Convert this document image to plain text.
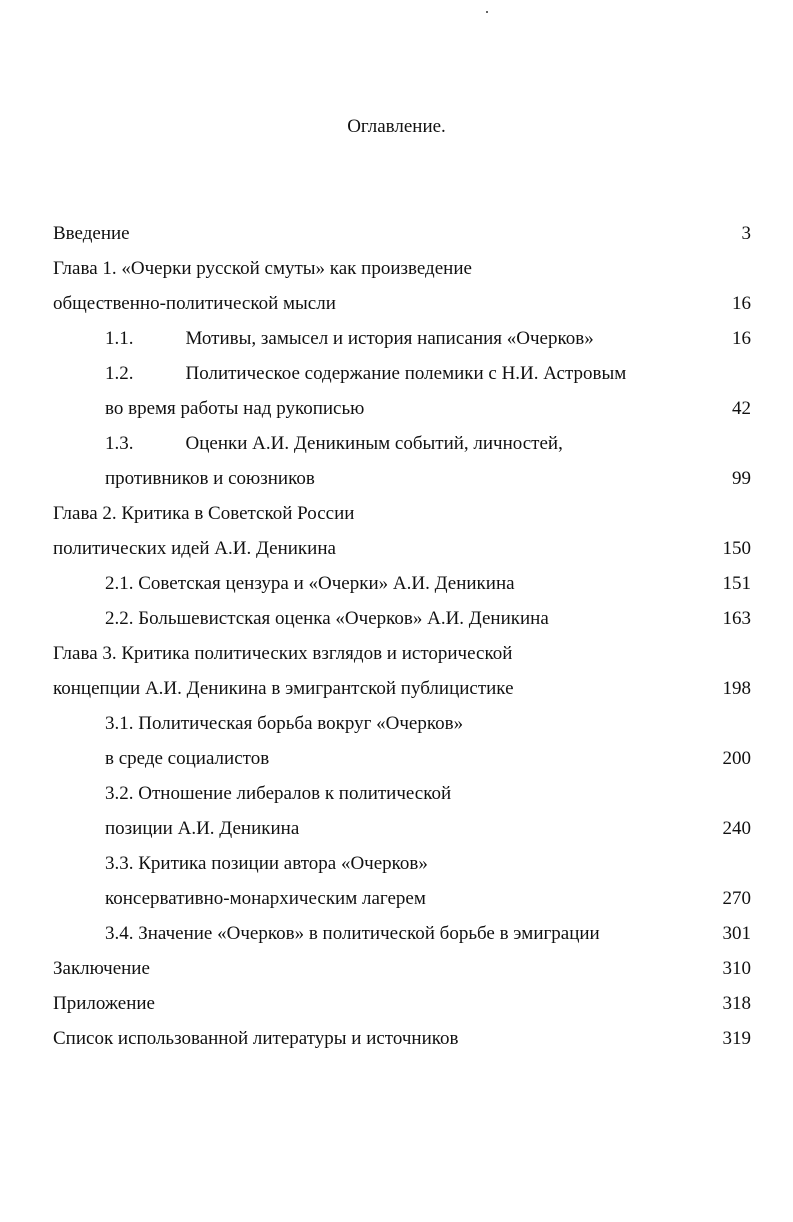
Оглавление.
Введение	3
Глава 1. «Очерки русской смуты» как произведение
общественно-политической мысли	16
1.1.	Мотивы, замысел и история написания «Очерков»	16
1.2.	Политическое содержание полемики с Н.И. Астровым
во время работы над рукописью	42
1.3.	Оценки А.И. Деникиным событий, личностей,
противников и союзников	99
Глава 2. Критика в Советской России
политических идей А.И. Деникина	150
2.1. Советская цензура и «Очерки» А.И. Деникина	151
2.2. Большевистская оценка «Очерков» А.И. Деникина	163
Глава 3. Критика политических взглядов и исторической
концепции А.И. Деникина в эмигрантской публицистике	198
3.1. Политическая борьба вокруг «Очерков»
в среде социалистов	200
3.2. Отношение либералов к политической
позиции А.И. Деникина	240
3.3. Критика позиции автора «Очерков»
консервативно-монархическим лагерем	270
3.4. Значение «Очерков» в политической борьбе в эмиграции	301
Заключение	310
Приложение	318
Список использованной литературы и источников	319
